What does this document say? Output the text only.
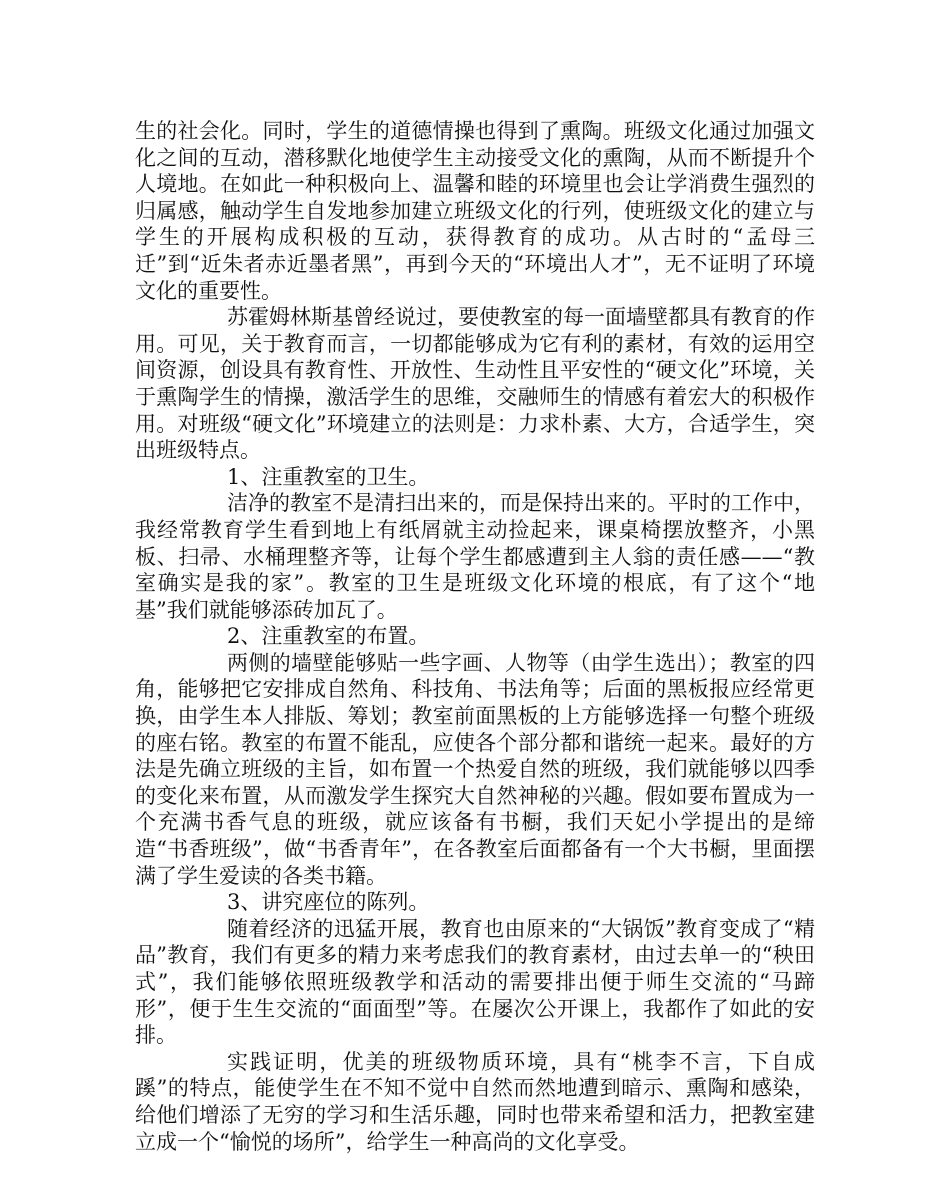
生的社会化。同时，学生的道德情操也得到了熏陶。班级文化通过加强文化之间的互动，潜移默化地使学生主动接受文化的熏陶，从而不断提升个人境地。在如此一种积极向上、温馨和睦的环境里也会让学消费生强烈的归属感，触动学生自发地参加建立班级文化的行列，使班级文化的建立与学生的开展构成积极的互动，获得教育的成功。从古时的“孟母三迁”到“近朱者赤近墨者黑”，再到今天的“环境出人才”，无不证明了环境文化的重要性。

苏霍姆林斯基曾经说过，要使教室的每一面墙壁都具有教育的作用。可见，关于教育而言，一切都能够成为它有利的素材，有效的运用空间资源，创设具有教育性、开放性、生动性且平安性的“硬文化”环境，关于熏陶学生的情操，激活学生的思维，交融师生的情感有着宏大的积极作用。对班级“硬文化”环境建立的法则是：力求朴素、大方，合适学生，突出班级特点。

1、注重教室的卫生。

洁净的教室不是清扫出来的，而是保持出来的。平时的工作中，我经常教育学生看到地上有纸屑就主动捡起来，课桌椅摆放整齐，小黑板、扫帚、水桶理整齐等，让每个学生都感遭到主人翁的责任感——“教室确实是我的家”。教室的卫生是班级文化环境的根底，有了这个“地基”我们就能够添砖加瓦了。

2、注重教室的布置。

两侧的墙壁能够贴一些字画、人物等（由学生选出）；教室的四角，能够把它安排成自然角、科技角、书法角等；后面的黑板报应经常更换，由学生本人排版、筹划；教室前面黑板的上方能够选择一句整个班级的座右铭。教室的布置不能乱，应使各个部分都和谐统一起来。最好的方法是先确立班级的主旨，如布置一个热爱自然的班级，我们就能够以四季的变化来布置，从而激发学生探究大自然神秘的兴趣。假如要布置成为一个充满书香气息的班级，就应该备有书橱，我们天妃小学提出的是缔造“书香班级”，做“书香青年”，在各教室后面都备有一个大书橱，里面摆满了学生爱读的各类书籍。

3、讲究座位的陈列。

随着经济的迅猛开展，教育也由原来的“大锅饭”教育变成了“精品”教育，我们有更多的精力来考虑我们的教育素材，由过去单一的“秧田式”，我们能够依照班级教学和活动的需要排出便于师生交流的“马蹄形”，便于生生交流的“面面型”等。在屡次公开课上，我都作了如此的安排。

实践证明，优美的班级物质环境，具有“桃李不言，下自成蹊”的特点，能使学生在不知不觉中自然而然地遭到暗示、熏陶和感染，给他们增添了无穷的学习和生活乐趣，同时也带来希望和活力，把教室建立成一个“愉悦的场所”，给学生一种高尚的文化享受。
